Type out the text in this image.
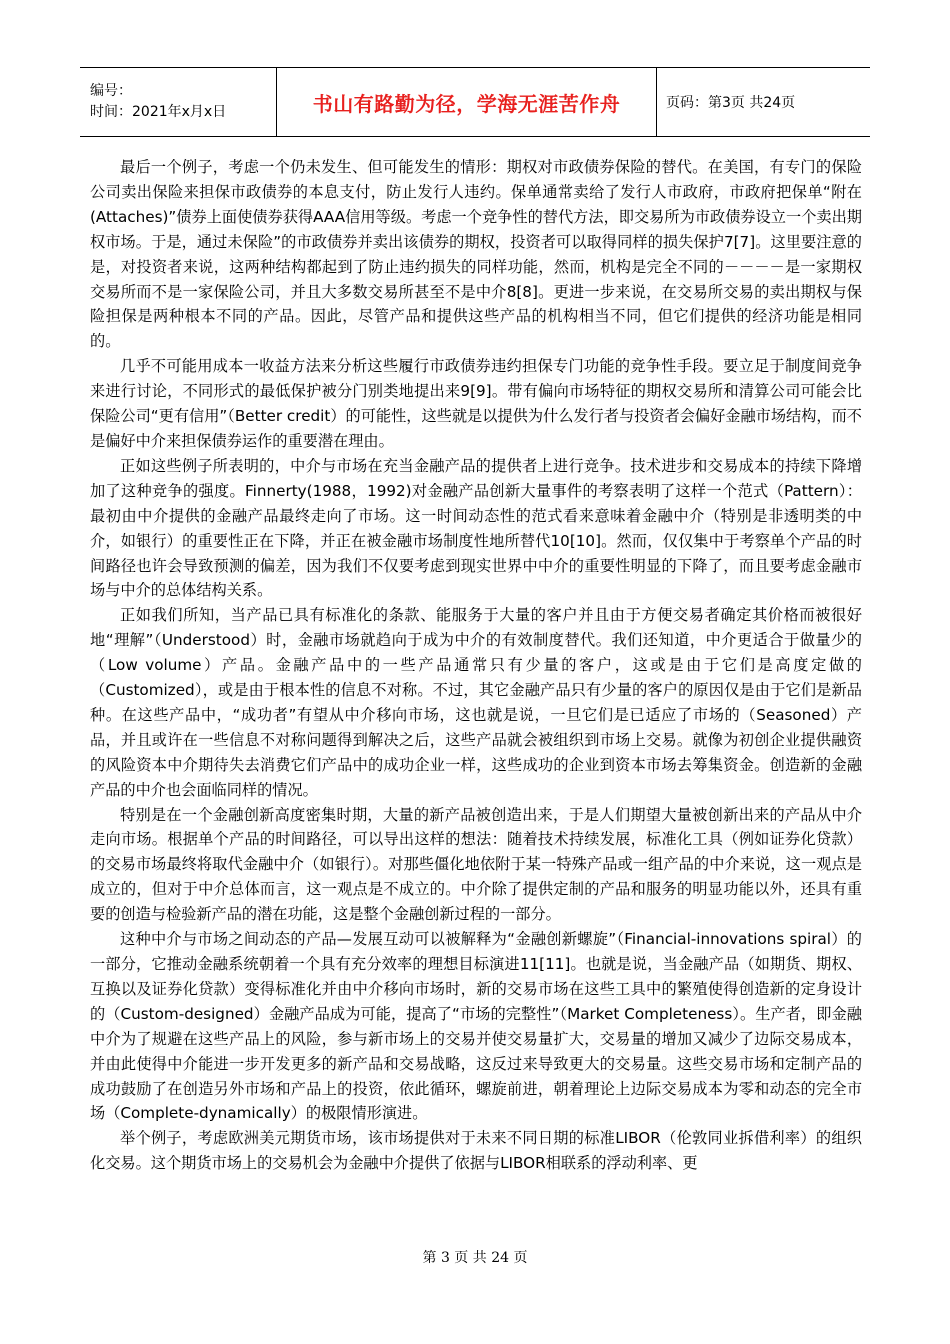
编号：
时间：2021年x月x日	书山有路勤为径，学海无涯苦作舟	页码：第3页 共24页

最后一个例子，考虑一个仍未发生、但可能发生的情形：期权对市政债券保险的替代。在美国，有专门的保险公司卖出保险来担保市政债券的本息支付，防止发行人违约。保单通常卖给了发行人市政府，市政府把保单“附在(Attaches)”债券上面使债券获得AAA信用等级。考虑一个竞争性的替代方法，即交易所为市政债券设立一个卖出期权市场。于是，通过未保险”的市政债券并卖出该债券的期权，投资者可以取得同样的损失保护7[7]。这里要注意的是，对投资者来说，这两种结构都起到了防止违约损失的同样功能，然而，机构是完全不同的－－－－是一家期权交易所而不是一家保险公司，并且大多数交易所甚至不是中介8[8]。更进一步来说，在交易所交易的卖出期权与保险担保是两种根本不同的产品。因此，尽管产品和提供这些产品的机构相当不同，但它们提供的经济功能是相同的。

几乎不可能用成本一收益方法来分析这些履行市政债券违约担保专门功能的竞争性手段。要立足于制度间竞争来进行讨论，不同形式的最低保护被分门别类地提出来9[9]。带有偏向市场特征的期权交易所和清算公司可能会比保险公司“更有信用”（Better credit）的可能性，这些就是以提供为什么发行者与投资者会偏好金融市场结构，而不是偏好中介来担保债券运作的重要潜在理由。

正如这些例子所表明的，中介与市场在充当金融产品的提供者上进行竞争。技术进步和交易成本的持续下降增加了这种竞争的强度。Finnerty(1988，1992)对金融产品创新大量事件的考察表明了这样一个范式（Pattern）：最初由中介提供的金融产品最终走向了市场。这一时间动态性的范式看来意味着金融中介（特别是非透明类的中介，如银行）的重要性正在下降，并正在被金融市场制度性地所替代10[10]。然而，仅仅集中于考察单个产品的时间路径也许会导致预测的偏差，因为我们不仅要考虑到现实世界中中介的重要性明显的下降了，而且要考虑金融市场与中介的总体结构关系。

正如我们所知，当产品已具有标准化的条款、能服务于大量的客户并且由于方便交易者确定其价格而被很好地“理解”（Understood）时，金融市场就趋向于成为中介的有效制度替代。我们还知道，中介更适合于做量少的（Low volume）产品。金融产品中的一些产品通常只有少量的客户，这或是由于它们是高度定做的（Customized），或是由于根本性的信息不对称。不过，其它金融产品只有少量的客户的原因仅是由于它们是新品种。在这些产品中，“成功者”有望从中介移向市场，这也就是说，一旦它们是已适应了市场的（Seasoned）产品，并且或许在一些信息不对称问题得到解决之后，这些产品就会被组织到市场上交易。就像为初创企业提供融资的风险资本中介期待失去消费它们产品中的成功企业一样，这些成功的企业到资本市场去筹集资金。创造新的金融产品的中介也会面临同样的情况。

特别是在一个金融创新高度密集时期，大量的新产品被创造出来，于是人们期望大量被创新出来的产品从中介走向市场。根据单个产品的时间路径，可以导出这样的想法：随着技术持续发展，标准化工具（例如证券化贷款）的交易市场最终将取代金融中介（如银行）。对那些僵化地依附于某一特殊产品或一组产品的中介来说，这一观点是成立的，但对于中介总体而言，这一观点是不成立的。中介除了提供定制的产品和服务的明显功能以外，还具有重要的创造与检验新产品的潜在功能，这是整个金融创新过程的一部分。

这种中介与市场之间动态的产品—发展互动可以被解释为“金融创新螺旋”（Financial-innovations spiral）的一部分，它推动金融系统朝着一个具有充分效率的理想目标演进11[11]。也就是说，当金融产品（如期货、期权、互换以及证券化贷款）变得标准化并由中介移向市场时，新的交易市场在这些工具中的繁殖使得创造新的定身设计的（Custom-designed）金融产品成为可能，提高了“市场的完整性”（Market Completeness）。生产者，即金融中介为了规避在这些产品上的风险，参与新市场上的交易并使交易量扩大，交易量的增加又减少了边际交易成本，并由此使得中介能进一步开发更多的新产品和交易战略，这反过来导致更大的交易量。这些交易市场和定制产品的成功鼓励了在创造另外市场和产品上的投资，依此循环，螺旋前进，朝着理论上边际交易成本为零和动态的完全市场（Complete-dynamically）的极限情形演进。

举个例子，考虑欧洲美元期货市场，该市场提供对于未来不同日期的标准LIBOR（伦敦同业拆借利率）的组织化交易。这个期货市场上的交易机会为金融中介提供了依据与LIBOR相联系的浮动利率、更

第 3 页 共 24 页
